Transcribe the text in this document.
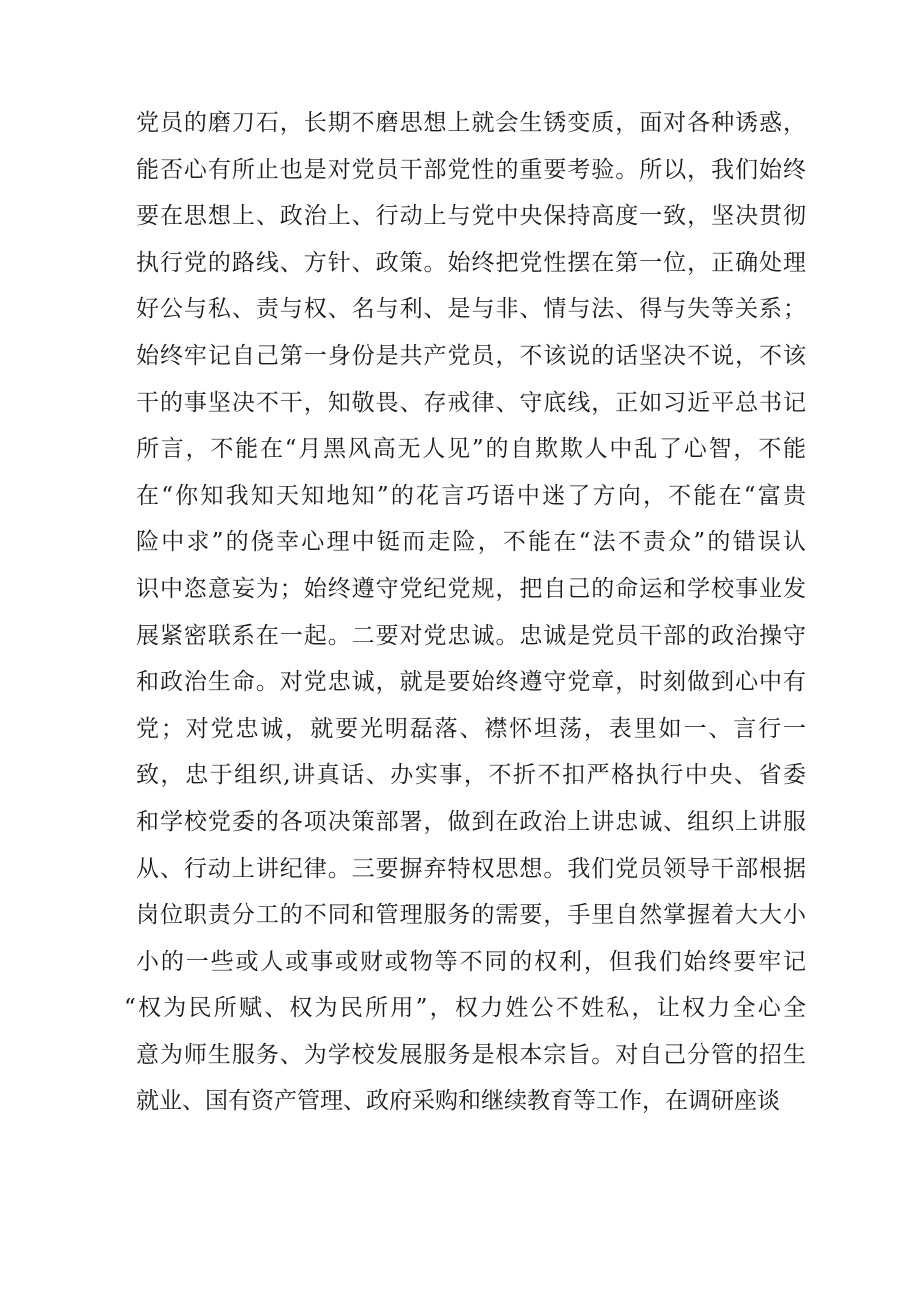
党员的磨刀石，长期不磨思想上就会生锈变质，面对各种诱惑，
能否心有所止也是对党员干部党性的重要考验。所以，我们始终
要在思想上、政治上、行动上与党中央保持高度一致，坚决贯彻
执行党的路线、方针、政策。始终把党性摆在第一位，正确处理
好公与私、责与权、名与利、是与非、情与法、得与失等关系；
始终牢记自己第一身份是共产党员，不该说的话坚决不说，不该
干的事坚决不干，知敬畏、存戒律、守底线，正如习近平总书记
所言，不能在“月黑风高无人见”的自欺欺人中乱了心智，不能
在“你知我知天知地知”的花言巧语中迷了方向，不能在“富贵
险中求”的侥幸心理中铤而走险，不能在“法不责众”的错误认
识中恣意妄为；始终遵守党纪党规，把自己的命运和学校事业发
展紧密联系在一起。二要对党忠诚。忠诚是党员干部的政治操守
和政治生命。对党忠诚，就是要始终遵守党章，时刻做到心中有
党；对党忠诚，就要光明磊落、襟怀坦荡，表里如一、言行一
致，忠于组织,讲真话、办实事，不折不扣严格执行中央、省委
和学校党委的各项决策部署，做到在政治上讲忠诚、组织上讲服
从、行动上讲纪律。三要摒弃特权思想。我们党员领导干部根据
岗位职责分工的不同和管理服务的需要，手里自然掌握着大大小
小的一些或人或事或财或物等不同的权利，但我们始终要牢记
“权为民所赋、权为民所用”，权力姓公不姓私，让权力全心全
意为师生服务、为学校发展服务是根本宗旨。对自己分管的招生
就业、国有资产管理、政府采购和继续教育等工作，在调研座谈
